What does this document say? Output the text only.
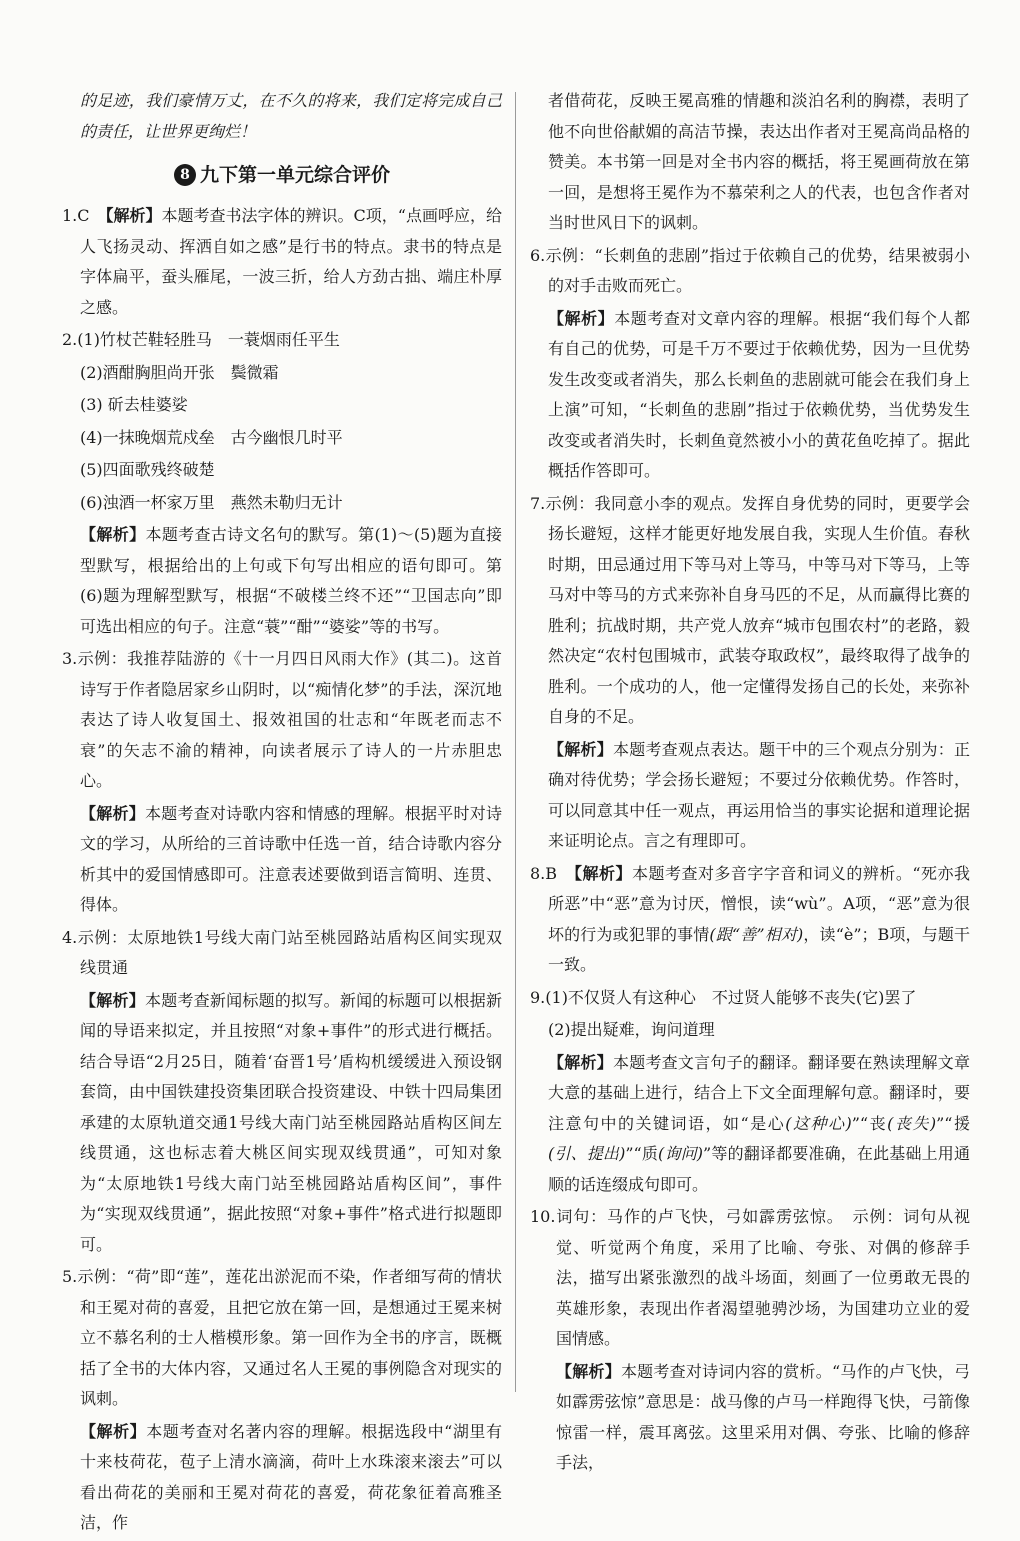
的足迹，我们豪情万丈，在不久的将来，我们定将完成自己的责任，让世界更绚烂！

8 九下第一单元综合评价

1.C　 【解析】本题考查书法字体的辨识。C项，“点画呼应，给人飞扬灵动、挥洒自如之感”是行书的特点。隶书的特点是字体扁平，蚕头雁尾，一波三折，给人方劲古拙、端庄朴厚之感。

2.(1)竹杖芒鞋轻胜马　一蓑烟雨任平生

(2)酒酣胸胆尚开张　鬓微霜

(3) 斫去桂婆娑

(4)一抹晚烟荒戍垒　古今幽恨几时平

(5)四面歌残终破楚

(6)浊酒一杯家万里　燕然未勒归无计

【解析】本题考查古诗文名句的默写。第(1)～(5)题为直接型默写，根据给出的上句或下句写出相应的语句即可。第(6)题为理解型默写，根据“不破楼兰终不还”“卫国志向”即可选出相应的句子。注意“蓑”“酣”“婆娑”等的书写。

3.示例：我推荐陆游的《十一月四日风雨大作》(其二)。这首诗写于作者隐居家乡山阴时，以“痴情化梦”的手法，深沉地表达了诗人收复国土、报效祖国的壮志和“年既老而志不衰”的矢志不渝的精神，向读者展示了诗人的一片赤胆忠心。

【解析】本题考查对诗歌内容和情感的理解。根据平时对诗文的学习，从所给的三首诗歌中任选一首，结合诗歌内容分析其中的爱国情感即可。注意表述要做到语言简明、连贯、得体。

4.示例：太原地铁1号线大南门站至桃园路站盾构区间实现双线贯通

【解析】本题考查新闻标题的拟写。新闻的标题可以根据新闻的导语来拟定，并且按照“对象+事件”的形式进行概括。结合导语“2月25日，随着‘奋晋1号’盾构机缓缓进入预设钢套筒，由中国铁建投资集团联合投资建设、中铁十四局集团承建的太原轨道交通1号线大南门站至桃园路站盾构区间左线贯通，这也标志着大桃区间实现双线贯通”，可知对象为“太原地铁1号线大南门站至桃园路站盾构区间”，事件为“实现双线贯通”，据此按照“对象+事件”格式进行拟题即可。

5.示例：“荷”即“莲”，莲花出淤泥而不染，作者细写荷的情状和王冕对荷的喜爱，且把它放在第一回，是想通过王冕来树立不慕名利的士人楷模形象。第一回作为全书的序言，既概括了全书的大体内容，又通过名人王冕的事例隐含对现实的讽刺。

【解析】本题考查对名著内容的理解。根据选段中“湖里有十来枝荷花，苞子上清水滴滴，荷叶上水珠滚来滚去”可以看出荷花的美丽和王冕对荷花的喜爱，荷花象征着高雅圣洁，作

者借荷花，反映王冕高雅的情趣和淡泊名利的胸襟，表明了他不向世俗献媚的高洁节操，表达出作者对王冕高尚品格的赞美。本书第一回是对全书内容的概括，将王冕画荷放在第一回，是想将王冕作为不慕荣利之人的代表，也包含作者对当时世风日下的讽刺。

6.示例：“长刺鱼的悲剧”指过于依赖自己的优势，结果被弱小的对手击败而死亡。

【解析】本题考查对文章内容的理解。根据“我们每个人都有自己的优势，可是千万不要过于依赖优势，因为一旦优势发生改变或者消失，那么长刺鱼的悲剧就可能会在我们身上上演”可知，“长刺鱼的悲剧”指过于依赖优势，当优势发生改变或者消失时，长刺鱼竟然被小小的黄花鱼吃掉了。据此概括作答即可。

7.示例：我同意小李的观点。发挥自身优势的同时，更要学会扬长避短，这样才能更好地发展自我，实现人生价值。春秋时期，田忌通过用下等马对上等马，中等马对下等马，上等马对中等马的方式来弥补自身马匹的不足，从而赢得比赛的胜利；抗战时期，共产党人放弃“城市包围农村”的老路，毅然决定“农村包围城市，武装夺取政权”，最终取得了战争的胜利。一个成功的人，他一定懂得发扬自己的长处，来弥补自身的不足。

【解析】本题考查观点表达。题干中的三个观点分别为：正确对待优势；学会扬长避短；不要过分依赖优势。作答时，可以同意其中任一观点，再运用恰当的事实论据和道理论据来证明论点。言之有理即可。

8.B　 【解析】本题考查对多音字字音和词义的辨析。“死亦我所恶”中“恶”意为讨厌，憎恨，读“wù”。A项，“恶”意为很坏的行为或犯罪的事情(跟“善”相对)，读“è”；B项，与题干一致。

9.(1)不仅贤人有这种心　不过贤人能够不丧失(它)罢了

(2)提出疑难，询问道理

【解析】本题考查文言句子的翻译。翻译要在熟读理解文章大意的基础上进行，结合上下文全面理解句意。翻译时，要注意句中的关键词语，如“是心(这种心)”“丧(丧失)”“援(引、提出)”“质(询问)”等的翻译都要准确，在此基础上用通顺的话连缀成句即可。

10.词句：马作的卢飞快，弓如霹雳弦惊。　示例：词句从视觉、听觉两个角度，采用了比喻、夸张、对偶的修辞手法，描写出紧张激烈的战斗场面，刻画了一位勇敢无畏的英雄形象，表现出作者渴望驰骋沙场，为国建功立业的爱国情感。

【解析】本题考查对诗词内容的赏析。“马作的卢飞快，弓如霹雳弦惊”意思是：战马像的卢马一样跑得飞快，弓箭像惊雷一样，震耳离弦。这里采用对偶、夸张、比喻的修辞手法，
